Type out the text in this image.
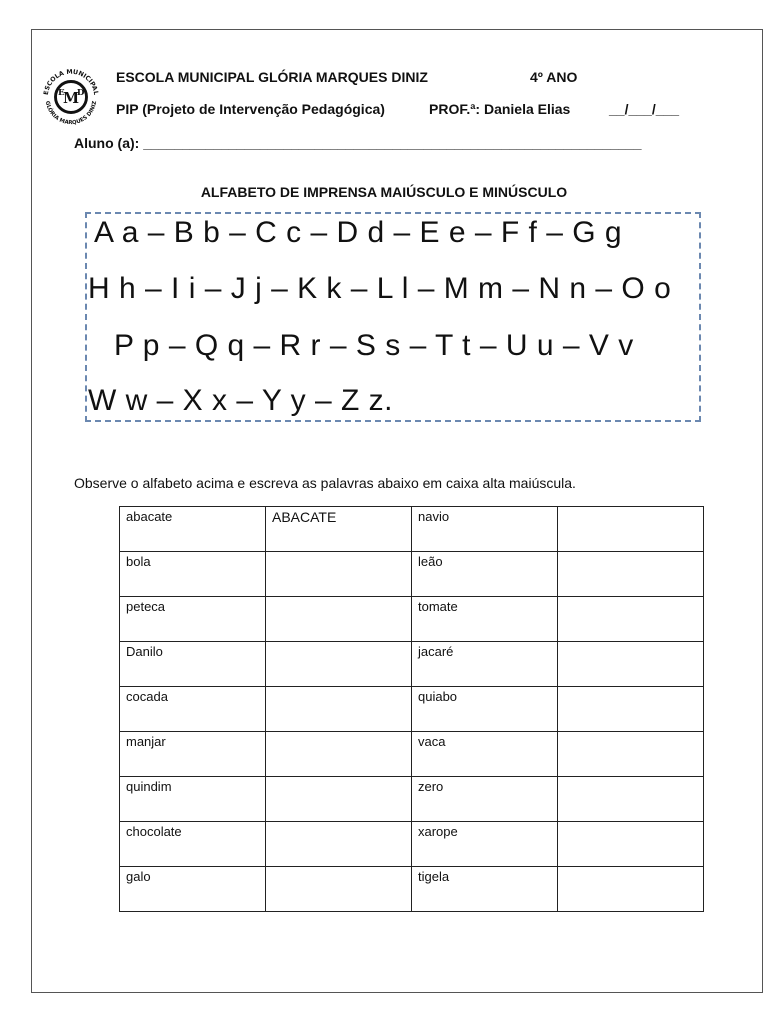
ESCOLA MUNICIPAL
GLÓRIA MARQUES DINIZ
M
E D
ESCOLA MUNICIPAL GLÓRIA MARQUES DINIZ	4º ANO
PIP (Projeto de Intervenção Pedagógica)	PROF.ª: Daniela Elias	__/___/___
Aluno (a): ________________________________________________________________
ALFABETO DE IMPRENSA MAIÚSCULO E MINÚSCULO
A a – B b – C c – D d – E e – F f – G g
H h – I i – J j – K k – L l – M m – N n – O o
P p – Q q – R r – S s – T t – U u – V v
W w – X x – Y y – Z z.
Observe o alfabeto acima e escreva as palavras abaixo em caixa alta maiúscula.
abacate	ABACATE	navio	
bola		leão	
peteca		tomate	
Danilo		jacaré	
cocada		quiabo	
manjar		vaca	
quindim		zero	
chocolate		xarope	
galo		tigela	
